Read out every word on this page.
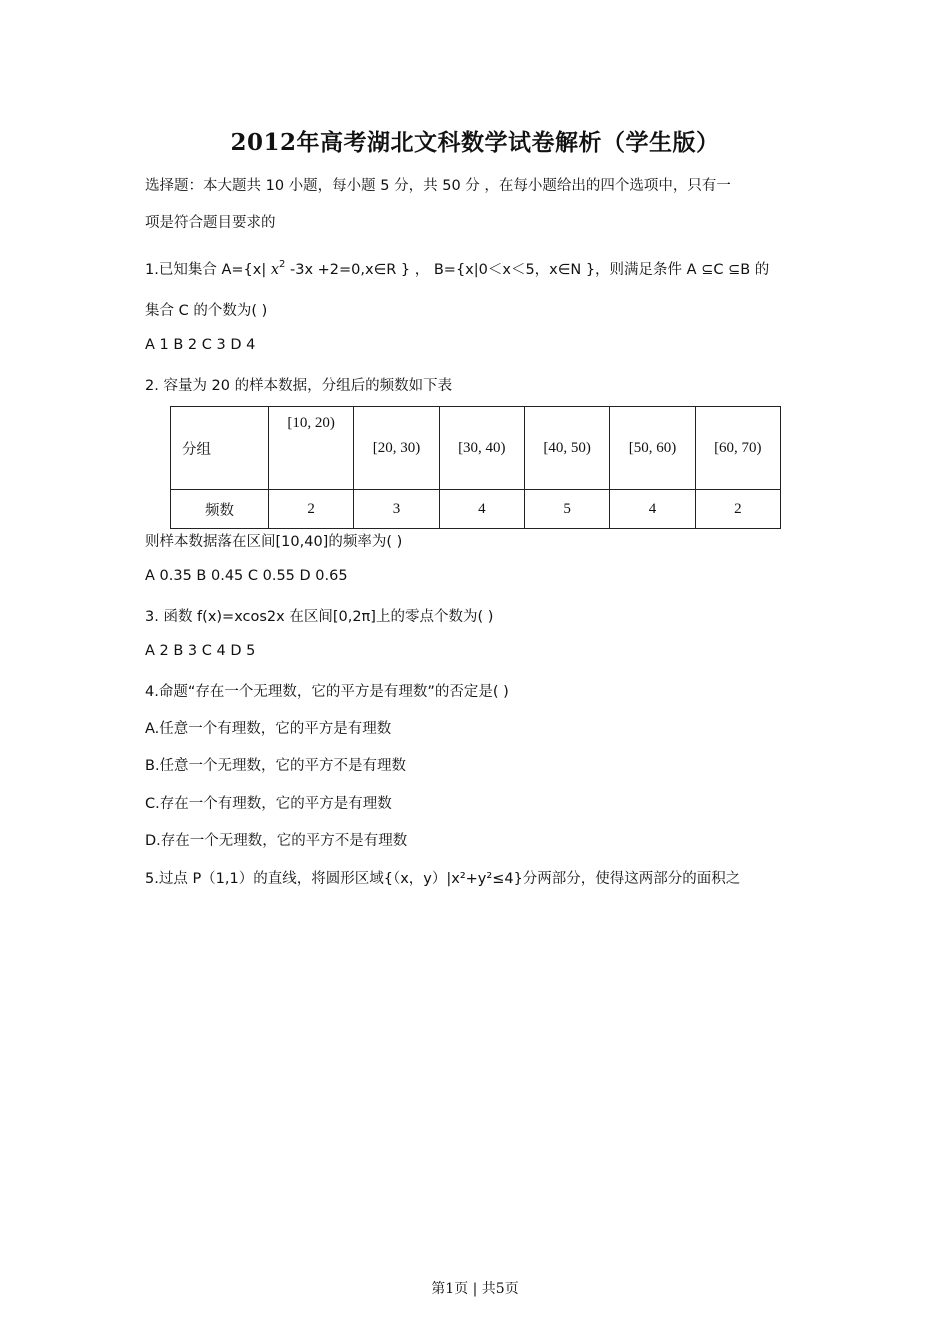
2012年高考湖北文科数学试卷解析（学生版）
选择题：本大题共 10 小题，每小题 5 分，共 50 分 ，在每小题给出的四个选项中，只有一
项是符合题目要求的
1.已知集合 A={x| $x^2$ -3x +2=0,x∈R } ， B={x|0＜x＜5，x∈N }，则满足条件 A ⊆C ⊆B 的
集合 C 的个数为( )
A 1 B 2 C 3 D 4
2. 容量为 20 的样本数据，分组后的频数如下表
分组	[10, 20)	[20, 30)	[30, 40)	[40, 50)	[50, 60)	[60, 70)
频数	2	3	4	5	4	2
则样本数据落在区间[10,40]的频率为( )
A 0.35 B 0.45 C 0.55 D 0.65
3. 函数 f(x)=xcos2x 在区间[0,2π]上的零点个数为( )
A 2 B 3 C 4 D 5
4.命题“存在一个无理数，它的平方是有理数”的否定是( )
A.任意一个有理数，它的平方是有理数
B.任意一个无理数，它的平方不是有理数
C.存在一个有理数，它的平方是有理数
D.存在一个无理数，它的平方不是有理数
5.过点 P（1,1）的直线，将圆形区域{（x，y）|x²+y²≤4}分两部分，使得这两部分的面积之
第1页 | 共5页
